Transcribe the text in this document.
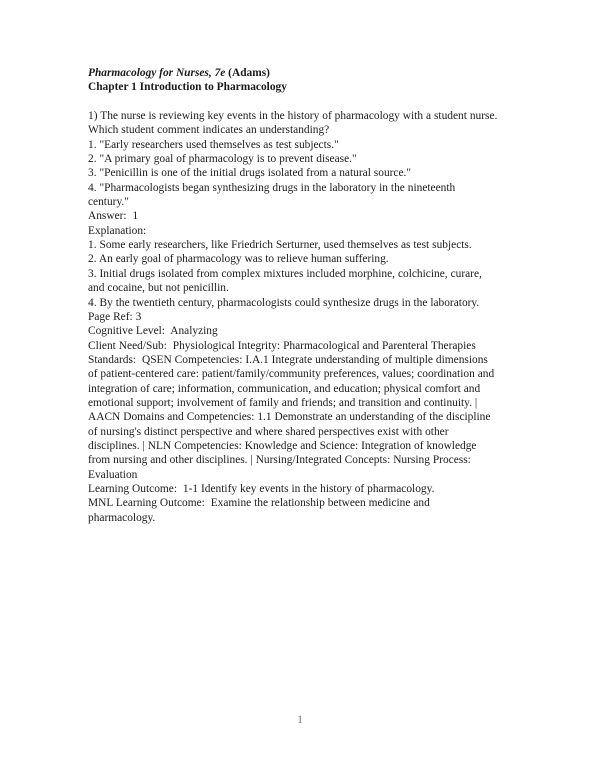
Pharmacology for Nurses, 7e (Adams)
Chapter 1 Introduction to Pharmacology
1) The nurse is reviewing key events in the history of pharmacology with a student nurse.
Which student comment indicates an understanding?
1. "Early researchers used themselves as test subjects."
2. "A primary goal of pharmacology is to prevent disease."
3. "Penicillin is one of the initial drugs isolated from a natural source."
4. "Pharmacologists began synthesizing drugs in the laboratory in the nineteenth
century."
Answer:  1
Explanation:
1. Some early researchers, like Friedrich Serturner, used themselves as test subjects.
2. An early goal of pharmacology was to relieve human suffering.
3. Initial drugs isolated from complex mixtures included morphine, colchicine, curare,
and cocaine, but not penicillin.
4. By the twentieth century, pharmacologists could synthesize drugs in the laboratory.
Page Ref: 3
Cognitive Level:  Analyzing
Client Need/Sub:  Physiological Integrity: Pharmacological and Parenteral Therapies
Standards:  QSEN Competencies: I.A.1 Integrate understanding of multiple dimensions
of patient-centered care: patient/family/community preferences, values; coordination and
integration of care; information, communication, and education; physical comfort and
emotional support; involvement of family and friends; and transition and continuity. |
AACN Domains and Competencies: 1.1 Demonstrate an understanding of the discipline
of nursing's distinct perspective and where shared perspectives exist with other
disciplines. | NLN Competencies: Knowledge and Science: Integration of knowledge
from nursing and other disciplines. | Nursing/Integrated Concepts: Nursing Process:
Evaluation
Learning Outcome:  1-1 Identify key events in the history of pharmacology.
MNL Learning Outcome:  Examine the relationship between medicine and
pharmacology.
1
